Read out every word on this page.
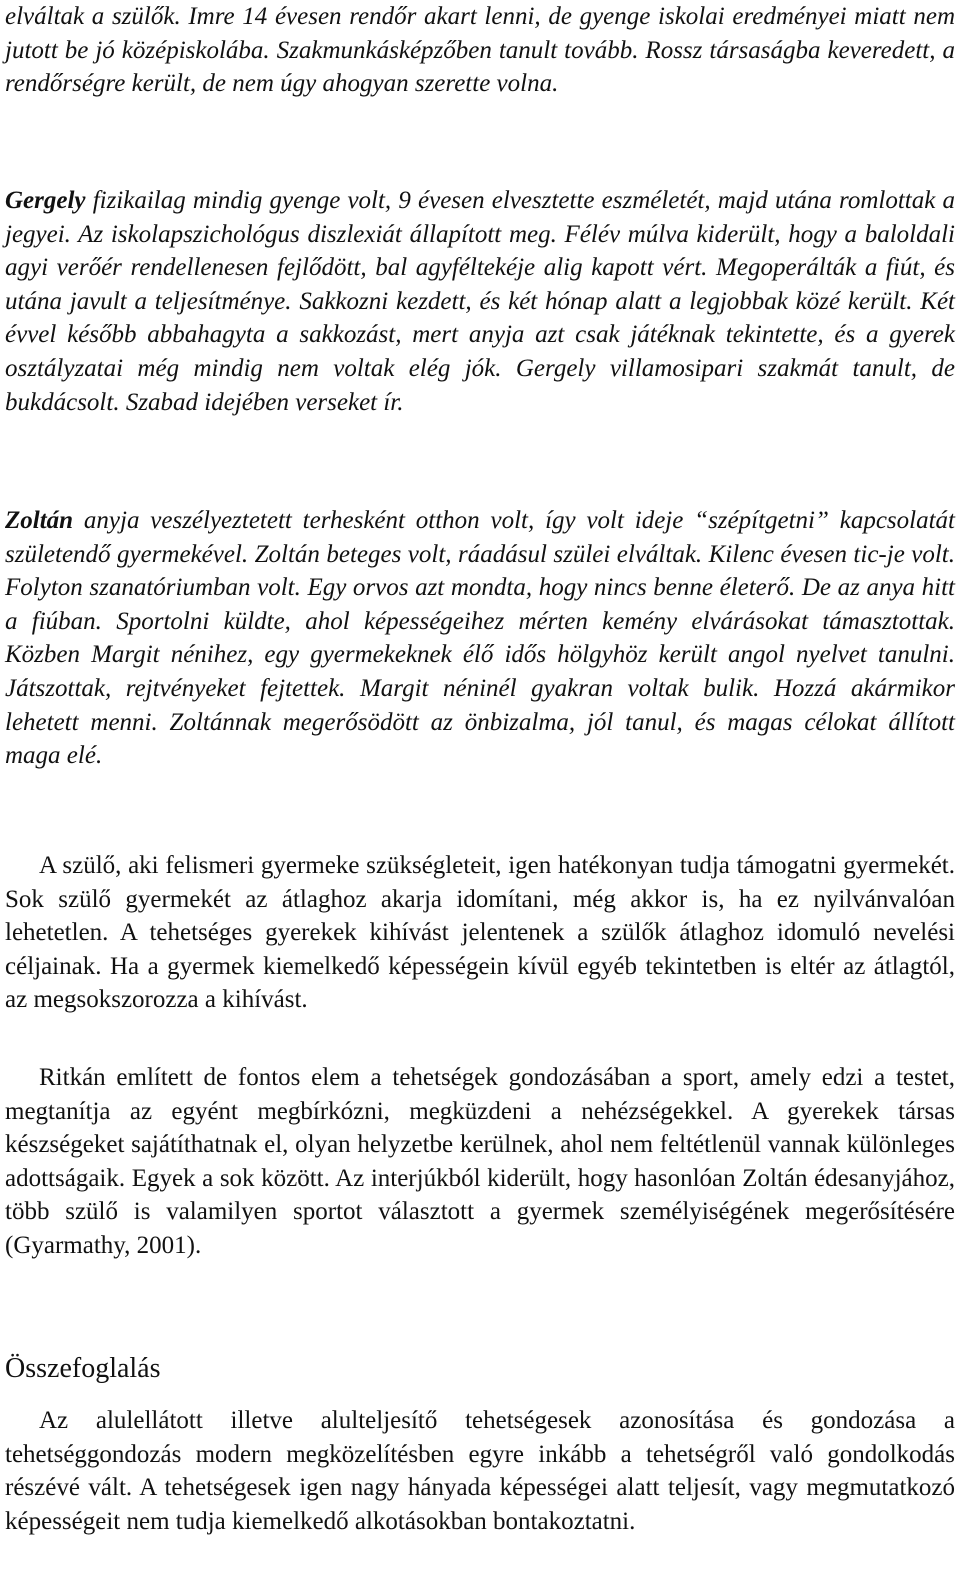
elváltak a szülők. Imre 14 évesen rendőr akart lenni, de gyenge iskolai eredményei miatt nem jutott be jó középiskolába. Szakmunkásképzőben tanult tovább. Rossz társaságba keveredett, a rendőrségre került, de nem úgy ahogyan szerette volna.

Gergely fizikailag mindig gyenge volt, 9 évesen elvesztette eszméletét, majd utána romlottak a jegyei. Az iskolapszichológus diszlexiát állapított meg. Félév múlva kiderült, hogy a baloldali agyi verőér rendellenesen fejlődött, bal agyféltekéje alig kapott vért. Megoperálták a fiút, és utána javult a teljesítménye. Sakkozni kezdett, és két hónap alatt a legjobbak közé került. Két évvel később abbahagyta a sakkozást, mert anyja azt csak játéknak tekintette, és a gyerek osztályzatai még mindig nem voltak elég jók. Gergely villamosipari szakmát tanult, de bukdácsolt. Szabad idejében verseket ír.

Zoltán anyja veszélyeztetett terhesként otthon volt, így volt ideje “szépítgetni” kapcsolatát születendő gyermekével. Zoltán beteges volt, ráadásul szülei elváltak. Kilenc évesen tic-je volt. Folyton szanatóriumban volt. Egy orvos azt mondta, hogy nincs benne életerő. De az anya hitt a fiúban. Sportolni küldte, ahol képességeihez mérten kemény elvárásokat támasztottak. Közben Margit nénihez, egy gyermekeknek élő idős hölgyhöz került angol nyelvet tanulni. Játszottak, rejtvényeket fejtettek. Margit néninél gyakran voltak bulik. Hozzá akármikor lehetett menni. Zoltánnak megerősödött az önbizalma, jól tanul, és magas célokat állított maga elé.

A szülő, aki felismeri gyermeke szükségleteit, igen hatékonyan tudja támogatni gyermekét. Sok szülő gyermekét az átlaghoz akarja idomítani, még akkor is, ha ez nyilvánvalóan lehetetlen. A tehetséges gyerekek kihívást jelentenek a szülők átlaghoz idomuló nevelési céljainak. Ha a gyermek kiemelkedő képességein kívül egyéb tekintetben is eltér az átlagtól, az megsokszorozza a kihívást.

Ritkán említett de fontos elem a tehetségek gondozásában a sport, amely edzi a testet, megtanítja az egyént megbírkózni, megküzdeni a nehézségekkel. A gyerekek társas készségeket sajátíthatnak el, olyan helyzetbe kerülnek, ahol nem feltétlenül vannak különleges adottságaik. Egyek a sok között. Az interjúkból kiderült, hogy hasonlóan Zoltán édesanyjához, több szülő is valamilyen sportot választott a gyermek személyiségének megerősítésére (Gyarmathy, 2001).

Összefoglalás

Az alulellátott illetve alulteljesítő tehetségesek azonosítása és gondozása a tehetséggondozás modern megközelítésben egyre inkább a tehetségről való gondolkodás részévé vált. A tehetségesek igen nagy hányada képességei alatt teljesít, vagy megmutatkozó képességeit nem tudja kiemelkedő alkotásokban bontakoztatni.
